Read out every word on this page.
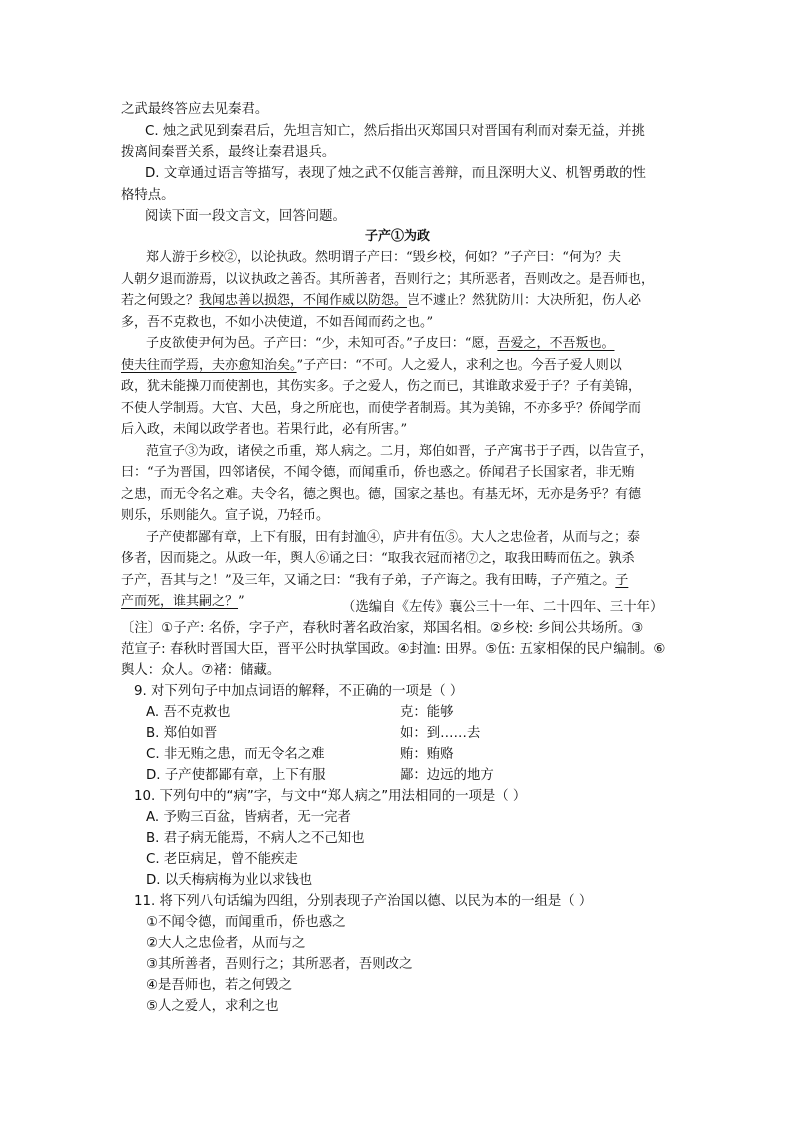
之武最终答应去见秦君。
C. 烛之武见到秦君后，先坦言知亡，然后指出灭郑国只对晋国有利而对秦无益，并挑
拨离间秦晋关系，最终让秦君退兵。
D. 文章通过语言等描写，表现了烛之武不仅能言善辩，而且深明大义、机智勇敢的性
格特点。
阅读下面一段文言文，回答问题。
子产①为政
郑人游于乡校②，以论执政。然明谓子产曰：“毁乡校，何如？”子产曰：“何为？夫
人朝夕退而游焉，以议执政之善否。其所善者，吾则行之；其所恶者，吾则改之。是吾师也，
若之何毁之？我闻忠善以损怨，不闻作威以防怨。岂不遽止？然犹防川：大决所犯，伤人必
多，吾不克救也，不如小决使道，不如吾闻而药之也。”
子皮欲使尹何为邑。子产曰：“少，未知可否。”子皮曰：“愿，吾爱之，不吾叛也。
使夫往而学焉，夫亦愈知治矣。”子产曰：“不可。人之爱人，求利之也。今吾子爱人则以
政，犹未能操刀而使割也，其伤实多。子之爱人，伤之而已，其谁敢求爱于子？子有美锦，
不使人学制焉。大官、大邑，身之所庇也，而使学者制焉。其为美锦，不亦多乎？侨闻学而
后入政，未闻以政学者也。若果行此，必有所害。”
范宣子③为政，诸侯之币重，郑人病之。二月，郑伯如晋，子产寓书于子西，以告宣子，
曰：“子为晋国，四邻诸侯，不闻令德，而闻重币，侨也惑之。侨闻君子长国家者，非无贿
之患，而无令名之难。夫令名，德之舆也。德，国家之基也。有基无坏，无亦是务乎？有德
则乐，乐则能久。宣子说，乃轻币。
子产使都鄙有章，上下有服，田有封洫④，庐井有伍⑤。大人之忠俭者，从而与之；泰
侈者，因而毙之。从政一年，舆人⑥诵之曰：“取我衣冠而褚⑦之，取我田畴而伍之。孰杀
子产，吾其与之！”及三年，又诵之曰：“我有子弟，子产诲之。我有田畴，子产殖之。子
产而死，谁其嗣之？”	（选编自《左传》襄公三十一年、二十四年、三十年）
〔注〕①子产: 名侨，字子产，春秋时著名政治家，郑国名相。②乡校: 乡间公共场所。③
范宣子: 春秋时晋国大臣，晋平公时执掌国政。④封洫: 田界。⑤伍: 五家相保的民户编制。⑥
舆人：众人。⑦褚：储藏。
9. 对下列句子中加点词语的解释，不正确的一项是（ ）
A. 吾不克救也	克：能够
B. 郑伯如晋	如：到……去
C. 非无贿之患，而无令名之难	贿：贿赂
D. 子产使都鄙有章，上下有服	鄙：边远的地方
10. 下列句中的“病”字，与文中“郑人病之”用法相同的一项是（ ）
A. 予购三百盆，皆病者，无一完者
B. 君子病无能焉，不病人之不己知也
C. 老臣病足，曾不能疾走
D. 以夭梅病梅为业以求钱也
11. 将下列八句话编为四组，分别表现子产治国以德、以民为本的一组是（ ）
①不闻令德，而闻重币，侨也惑之
②大人之忠俭者，从而与之
③其所善者，吾则行之；其所恶者，吾则改之
④是吾师也，若之何毁之
⑤人之爱人，求利之也
